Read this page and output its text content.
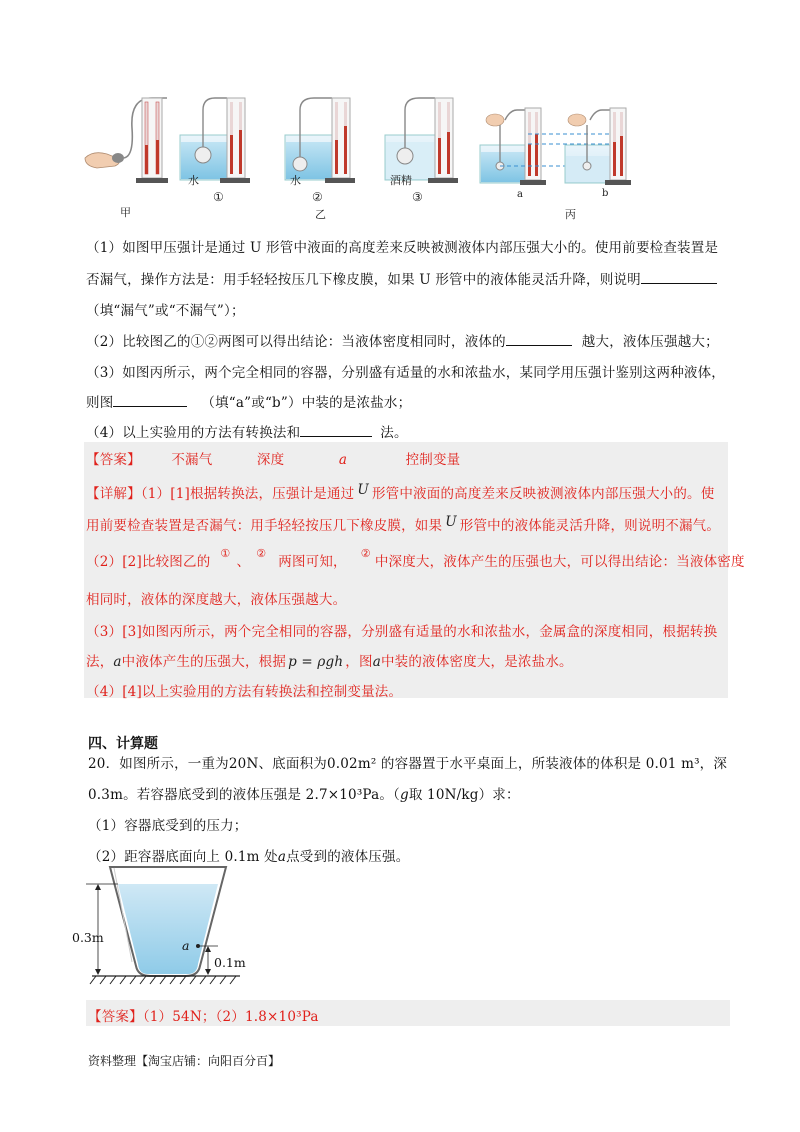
水	水	酒精
a	b
甲
①	②
乙
③
丙
（1）如图甲压强计是通过 U 形管中液面的高度差来反映被测液体内部压强大小的。使用前要检查装置是
否漏气，操作方法是：用手轻轻按压几下橡皮膜，如果 U 形管中的液体能灵活升降，则说明
（填“漏气”或“不漏气”）；
（2）比较图乙的①②两图可以得出结论：当液体密度相同时，液体的	越大，液体压强越大；
（3）如图丙所示，两个完全相同的容器，分别盛有适量的水和浓盐水，某同学用压强计鉴别这两种液体，
则图	（填“a”或“b”）中装的是浓盐水；
（4）以上实验用的方法有转换法和	法。
【答案】 不漏气	深度	a	控制变量
【详解】（1）[1]根据转换法，压强计是通过 U 形管中液面的高度差来反映被测液体内部压强大小的。使
用前要检查装置是否漏气：用手轻轻按压几下橡皮膜，如果 U 形管中的液体能灵活升降，则说明不漏气。
（2）[2]比较图乙的①、②两图可知，②中深度大，液体产生的压强也大，可以得出结论：当液体密度
相同时，液体的深度越大，液体压强越大。
（3）[3]如图丙所示，两个完全相同的容器，分别盛有适量的水和浓盐水，金属盒的深度相同，根据转换
法，a中液体产生的压强大，根据 p = ρgh ，图a中装的液体密度大，是浓盐水。
（4）[4]以上实验用的方法有转换法和控制变量法。
四、计算题
20．如图所示，一重为20N、底面积为0.02m² 的容器置于水平桌面上，所装液体的体积是 0.01 m³，深
0.3m。若容器底受到的液体压强是 2.7×10³Pa。（g取 10N/kg）求：
（1）容器底受到的压力；
（2）距容器底面向上 0.1m 处a点受到的液体压强。
0.3m
a
0.1m
【答案】（1）54N；（2）1.8×10³Pa
资料整理【淘宝店铺：向阳百分百】
